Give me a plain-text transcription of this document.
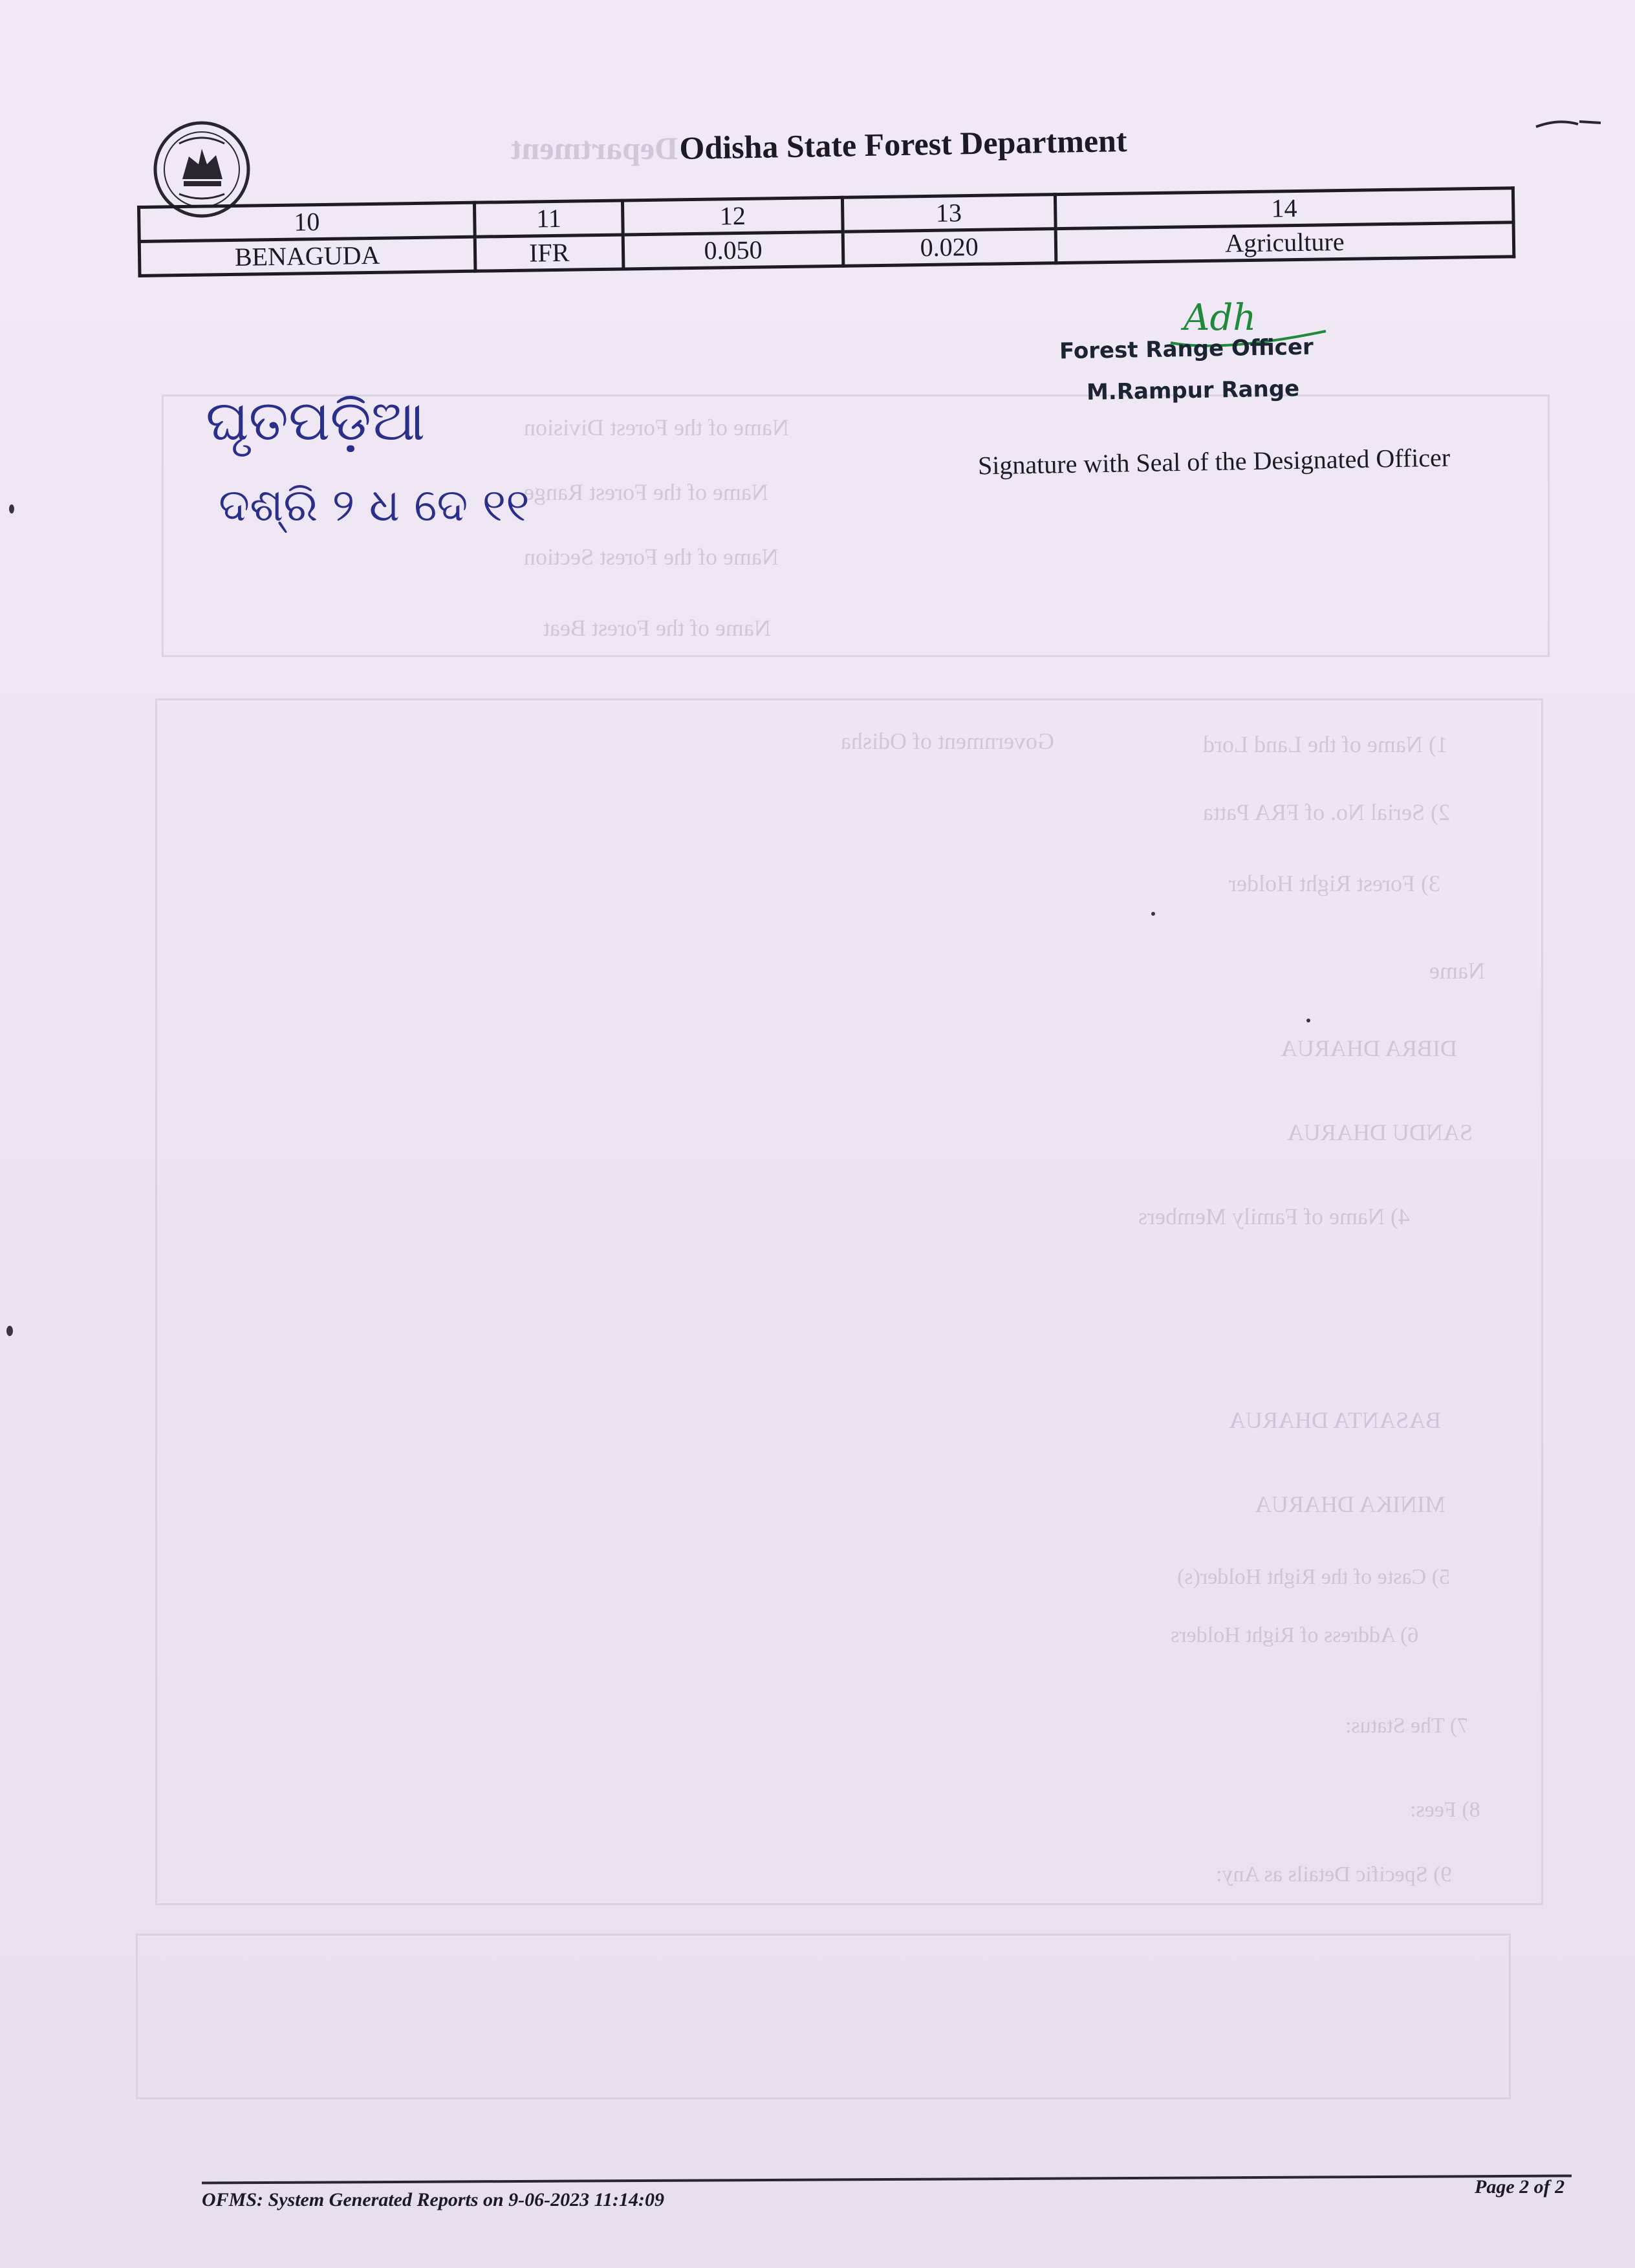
Department
Name of the Forest Division
Name of the Forest Range
Name of the Forest Section
Name of the Forest Beat
1) Name of the Land Lord
Government of Odisha
2) Serial No. of FRA Patta
3) Forest Right Holder
Name
DIBRA DHARUA
SANDU DHARUA
4) Name of Family Members
BASANTA DHARUA
MINIKA DHARUA
5) Caste of the Right Holder(s)
6) Address of Right Holders
7) The Status:
8) Fees:
9) Specific Details as Any:
Odisha State Forest Department
10	11	12	13	14
BENAGUDA	IFR	0.050	0.020	Agriculture
Adh
Forest Range Officer
M.Rampur Range
Signature with Seal of the Designated Officer
ଘୃତପଡ଼ିଆ
ଦଶ୍ରି ୨ ଧ ଦେ ୧୧
OFMS: System Generated Reports on 9-06-2023 11:14:09
Page 2 of 2
